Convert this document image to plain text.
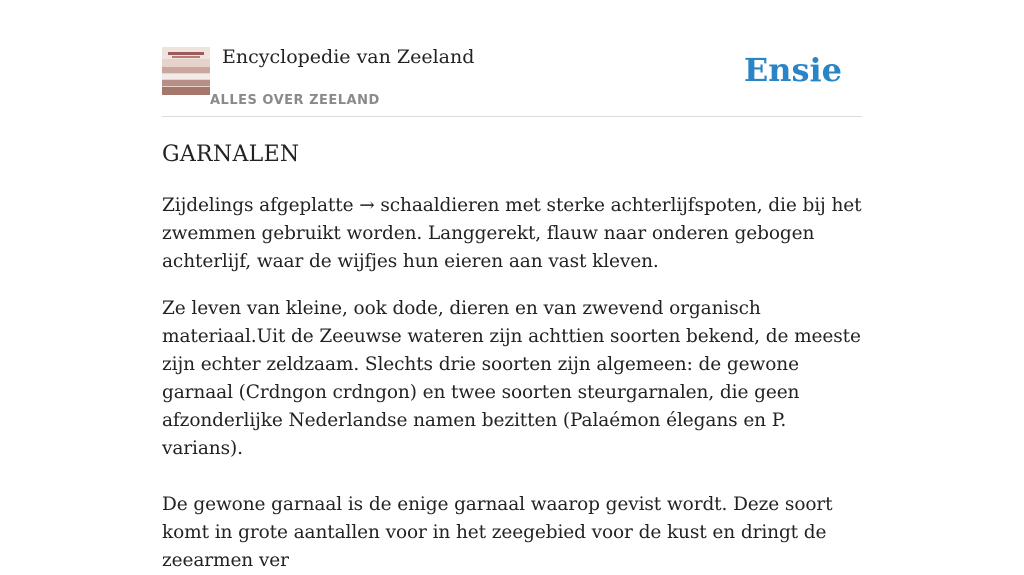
Encyclopedie van Zeeland
ALLES OVER ZEELAND
Ensie
GARNALEN

Zijdelings afgeplatte → schaaldieren met sterke achterlijfspoten, die bij het zwemmen gebruikt worden. Langgerekt, flauw naar onderen gebogen achterlijf, waar de wijfjes hun eieren aan vast kleven.

Ze leven van kleine, ook dode, dieren en van zwevend organisch materiaal.Uit de Zeeuwse wateren zijn achttien soorten bekend, de meeste zijn echter zeldzaam. Slechts drie soorten zijn algemeen: de gewone garnaal (Crdngon crdngon) en twee soorten steurgarnalen, die geen afzonderlijke Nederlandse namen bezitten (Palaémon élegans en P. varians).

De gewone garnaal is de enige garnaal waarop gevist wordt. Deze soort komt in grote aantallen voor in het zeegebied voor de kust en dringt de zeearmen ver
